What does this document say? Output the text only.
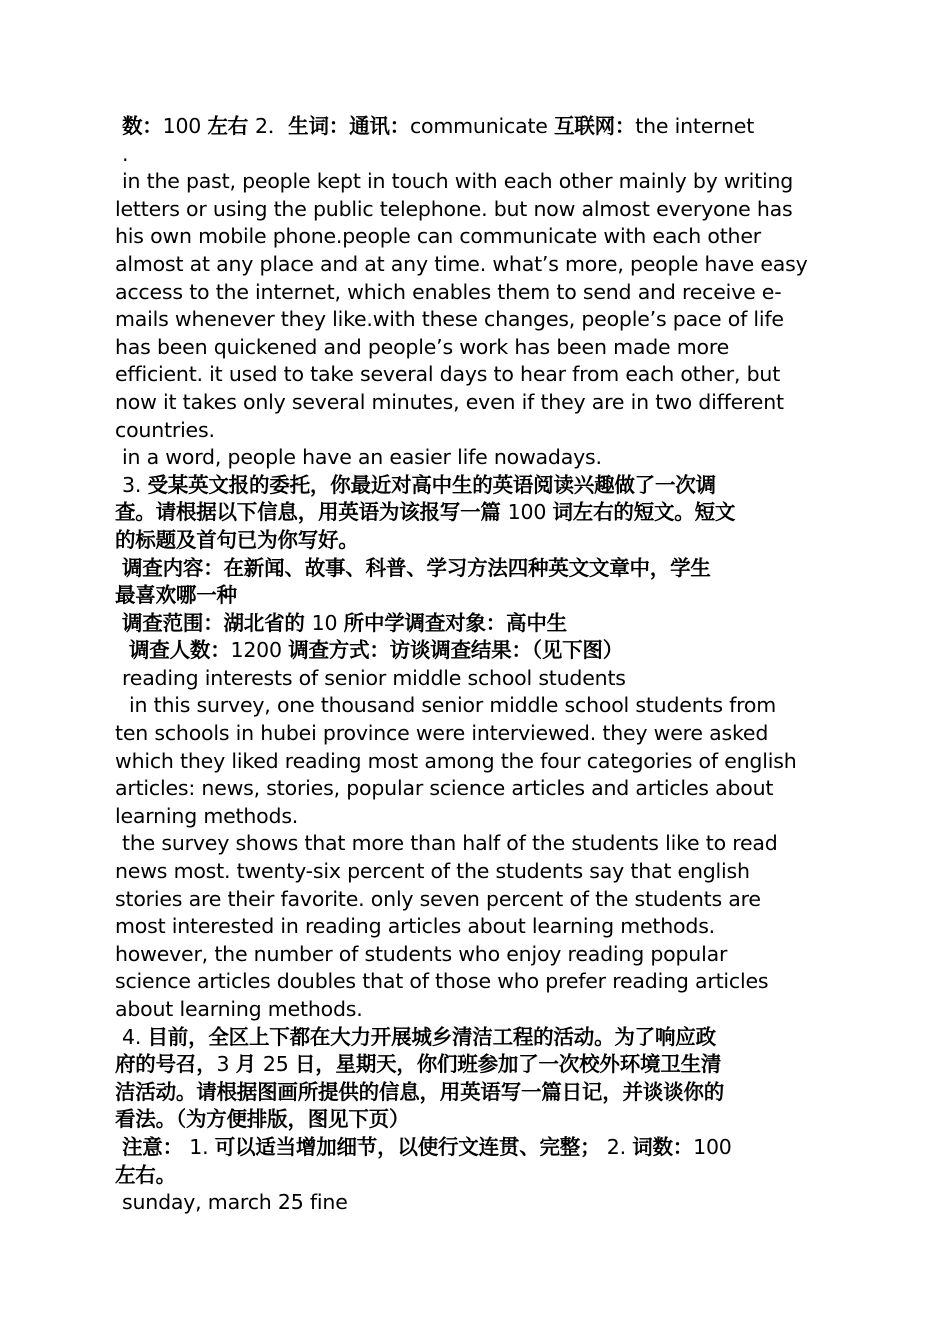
数：100 左右 2．生词：通讯：communicate 互联网：the internet
.
in the past, people kept in touch with each other mainly by writing
letters or using the public telephone. but now almost everyone has
his own mobile phone.people can communicate with each other
almost at any place and at any time. what’s more, people have easy
access to the internet, which enables them to send and receive e-
mails whenever they like.with these changes, people’s pace of life
has been quickened and people’s work has been made more
efficient. it used to take several days to hear from each other, but
now it takes only several minutes, even if they are in two different
countries.
in a word, people have an easier life nowadays.
3. 受某英文报的委托，你最近对高中生的英语阅读兴趣做了一次调
查。请根据以下信息，用英语为该报写一篇 100 词左右的短文。短文
的标题及首句已为你写好。
调查内容：在新闻、故事、科普、学习方法四种英文文章中，学生
最喜欢哪一种
调查范围：湖北省的 10 所中学调查对象：高中生
调查人数：1200 调查方式：访谈调查结果：（见下图）
reading interests of senior middle school students
in this survey, one thousand senior middle school students from
ten schools in hubei province were interviewed. they were asked
which they liked reading most among the four categories of english
articles: news, stories, popular science articles and articles about
learning methods.
the survey shows that more than half of the students like to read
news most. twenty-six percent of the students say that english
stories are their favorite. only seven percent of the students are
most interested in reading articles about learning methods.
however, the number of students who enjoy reading popular
science articles doubles that of those who prefer reading articles
about learning methods.
4. 目前，全区上下都在大力开展城乡清洁工程的活动。为了响应政
府的号召，3 月 25 日，星期天，你们班参加了一次校外环境卫生清
洁活动。请根据图画所提供的信息，用英语写一篇日记，并谈谈你的
看法。（为方便排版，图见下页）
注意： 1. 可以适当增加细节，以使行文连贯、完整； 2. 词数：100
左右。
sunday, march 25 fine
